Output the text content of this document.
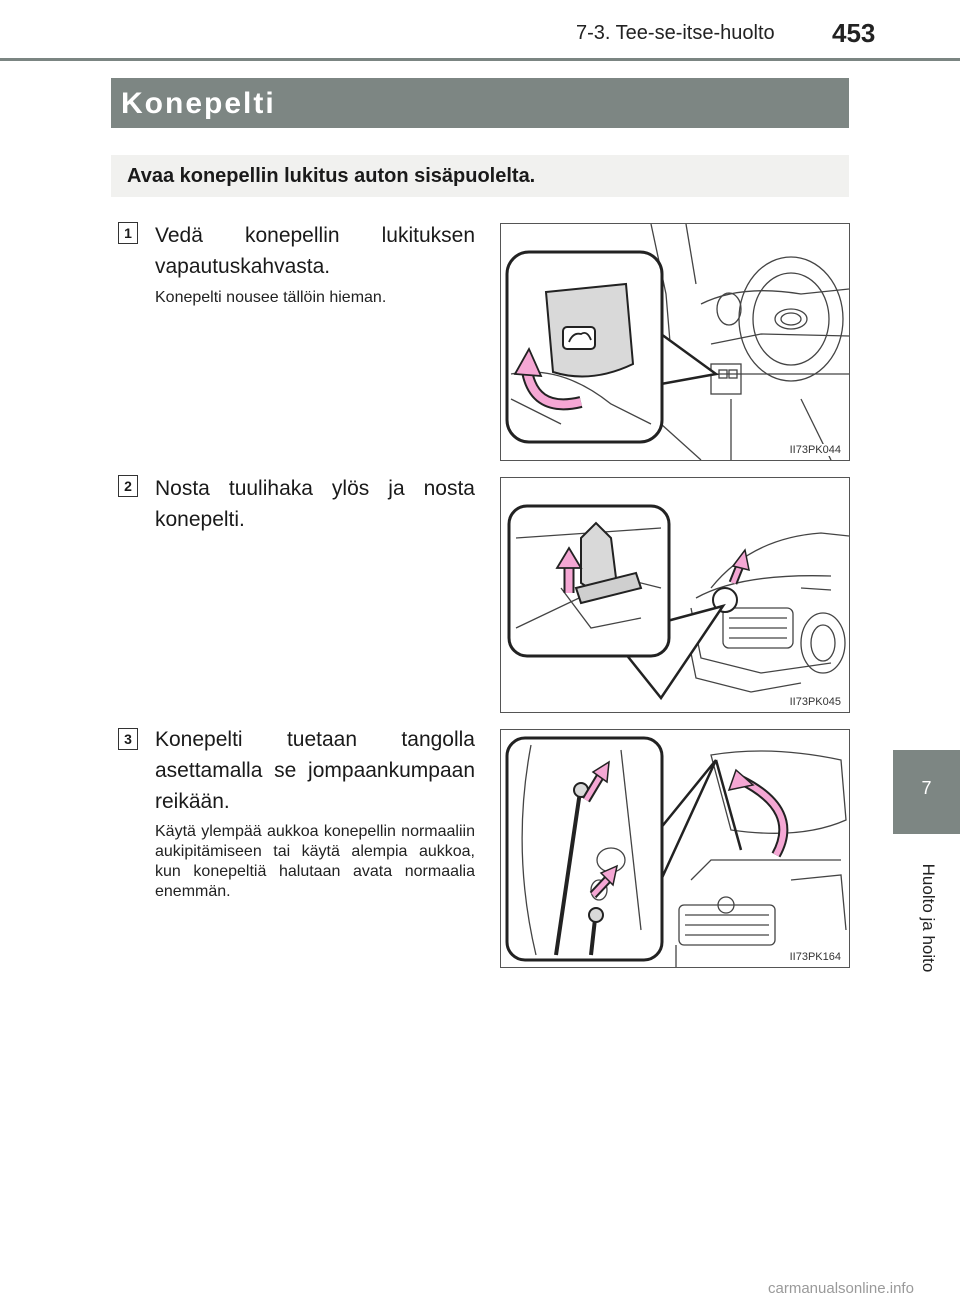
7-3. Tee-se-itse-huolto 453
Konepelti
Avaa konepellin lukitus auton sisäpuolelta.
1 Vedä konepellin lukituksen vapautuskahvasta.
Konepelti nousee tällöin hieman.
II73PK044
2 Nosta tuulihaka ylös ja nosta konepelti.
II73PK045
3 Konepelti tuetaan tangolla asettamalla se jompaankumpaan reikään.
Käytä ylempää aukkoa konepellin normaaliin aukipitämiseen tai käytä alempia aukkoa, kun konepeltiä halutaan avata normaalia enemmän.
II73PK164
7
Huolto ja hoito
carmanualsonline.info
